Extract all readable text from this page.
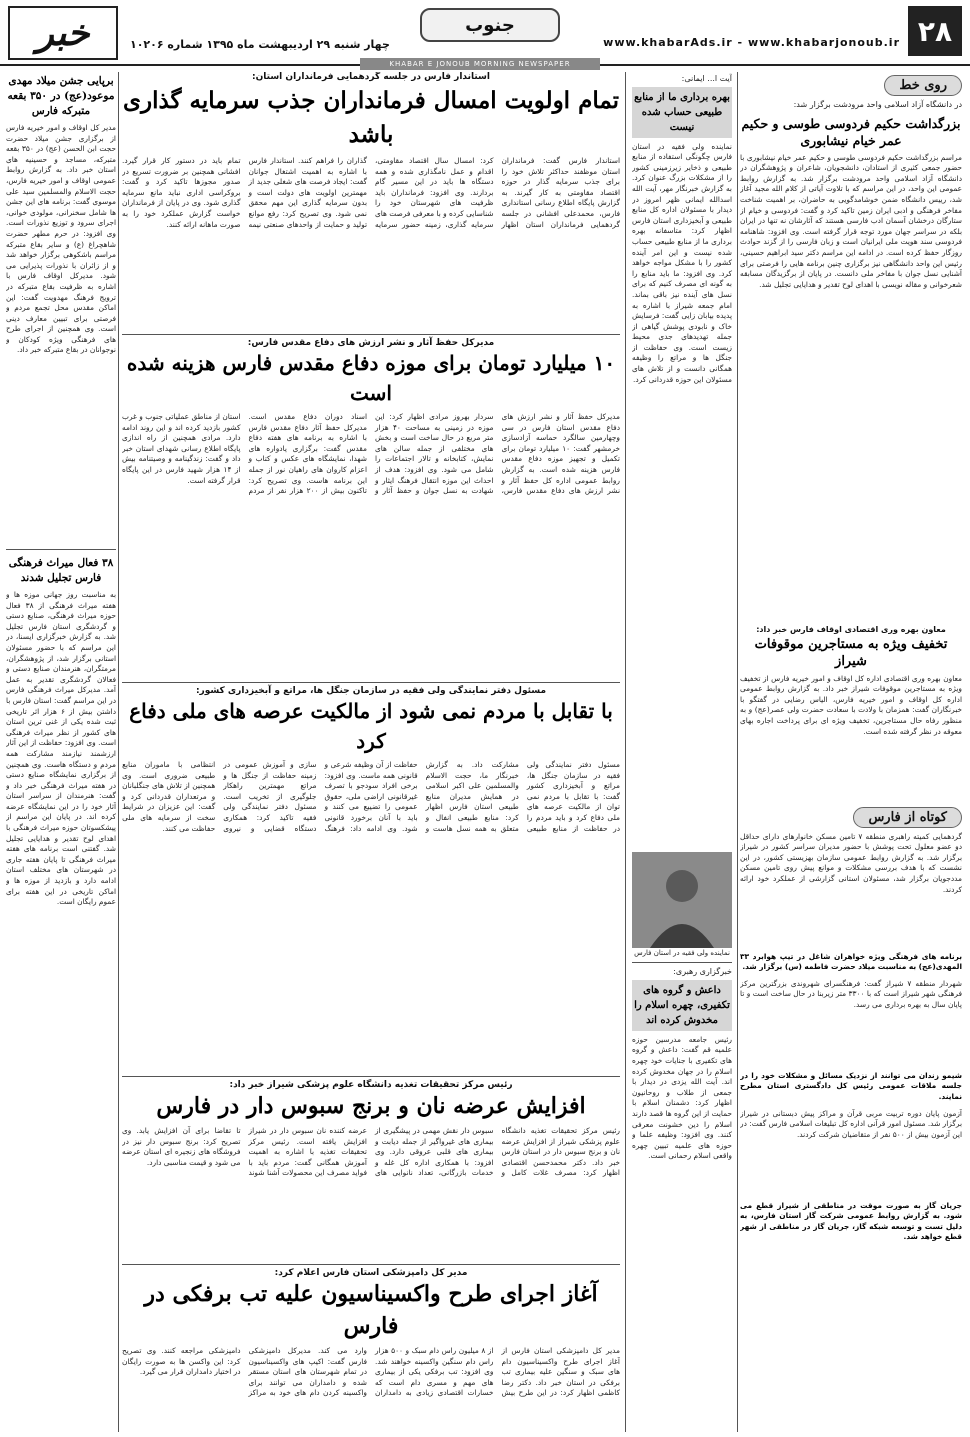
۲۸
www.khabarAds.ir - www.khabarjonoub.ir
جنوب
چهار شنبه ۲۹ اردیبهشت ماه ۱۳۹۵ شماره ۱۰۲۰۶
خبر
KHABAR E JONOUB MORNING NEWSPAPER
روی خط
در دانشگاه آزاد اسلامی واحد مرودشت برگزار شد:
بزرگداشت حکیم فردوسی طوسی و حکیم عمر خیام نیشابوری
مراسم بزرگداشت حکیم فردوسی طوسی و حکیم عمر خیام نیشابوری با حضور جمعی کثیری از استادان، دانشجویان، شاعران و پژوهشگران در دانشگاه آزاد اسلامی واحد مرودشت برگزار شد. به گزارش روابط عمومی این واحد، در این مراسم که با تلاوت آیاتی از کلام الله مجید آغاز شد، رییس دانشگاه ضمن خوشامدگویی به حاضران، بر اهمیت شناخت مفاخر فرهنگی و ادبی ایران زمین تاکید کرد و گفت: فردوسی و خیام از ستارگان درخشان آسمان ادب فارسی هستند که آثارشان نه تنها در ایران بلکه در سراسر جهان مورد توجه قرار گرفته است. وی افزود: شاهنامه فردوسی سند هویت ملی ایرانیان است و زبان فارسی را از گزند حوادث روزگار حفظ کرده است. در ادامه این مراسم دکتر سید ابراهیم حسینی، رئیس این واحد دانشگاهی نیز برگزاری چنین برنامه هایی را فرصتی برای آشنایی نسل جوان با مفاخر ملی دانست. در پایان از برگزیدگان مسابقه شعرخوانی و مقاله نویسی با اهدای لوح تقدیر و هدایایی تجلیل شد.
معاون بهره وری اقتصادی اوقاف فارس خبر داد:
تخفیف ویژه به مستاجرین موقوفات شیراز
معاون بهره وری اقتصادی اداره کل اوقاف و امور خیریه فارس از تخفیف ویژه به مستاجرین موقوفات شیراز خبر داد. به گزارش روابط عمومی اداره کل اوقاف و امور خیریه فارس، الیاس رضایی در گفتگو با خبرنگاران گفت: همزمان با ولادت با سعادت حضرت ولی عصر(عج) و به منظور رفاه حال مستاجرین، تخفیف ویژه ای برای پرداخت اجاره بهای معوقه در نظر گرفته شده است.
کوتاه از فارس
گردهمایی کمیته راهبری منطقه ۷ تامین مسکن خانوارهای دارای حداقل دو عضو معلول تحت پوشش با حضور مدیران سراسر کشور در شیراز برگزار شد. به گزارش روابط عمومی سازمان بهزیستی کشور، در این نشست که با هدف بررسی مشکلات و موانع پیش روی تامین مسکن مددجویان برگزار شد، مسئولان استانی گزارشی از عملکرد خود ارائه کردند.
برنامه های فرهنگی ویژه خواهران شاغل در تیپ هوابرد ۳۳ المهدی(عج) به مناسبت میلاد حضرت فاطمه (س) برگزار شد.
شهردار منطقه ۷ شیراز گفت: فرهنگسرای شهروندی بزرگترین مرکز فرهنگی شهر شیراز است که با ۳۳۰۰ متر زیربنا در حال ساخت است و تا پایان سال به بهره برداری می رسد.
شیمو زندان می توانند از نزدیک مسائل و مشکلات خود را در جلسه ملاقات عمومی رئیس کل دادگستری استان مطرح نمایند.
آزمون پایان دوره تربیت مربی قرآن و مراکز پیش دبستانی در شیراز برگزار شد. مسئول امور قرآنی اداره کل تبلیغات اسلامی فارس گفت: در این آزمون بیش از ۵۰۰ نفر از متقاضیان شرکت کردند.
جریان گاز به صورت موقت در مناطقی از شیراز قطع می شود. به گزارش روابط عمومی شرکت گاز استان فارس، به دلیل تست و توسعه شبکه گاز، جریان گاز در مناطقی از شهر قطع خواهد شد.
آیت ا... ایمانی:
بهره برداری ما از منابع طبیعی حساب شده نیست
نماینده ولی فقیه در استان فارس چگونگی استفاده از منابع طبیعی و ذخایر زیرزمینی کشور را از مشکلات بزرگ عنوان کرد. به گزارش خبرنگار مهر، آیت الله اسدالله ایمانی ظهر امروز در دیدار با مسئولان اداره کل منابع طبیعی و آبخیزداری استان فارس اظهار کرد: متاسفانه بهره برداری ما از منابع طبیعی حساب شده نیست و این امر آینده کشور را با مشکل مواجه خواهد کرد. وی افزود: ما باید منابع را به گونه ای مصرف کنیم که برای نسل های آینده نیز باقی بماند. امام جمعه شیراز با اشاره به پدیده بیابان زایی گفت: فرسایش خاک و نابودی پوشش گیاهی از جمله تهدیدهای جدی محیط زیست است. وی حفاظت از جنگل ها و مراتع را وظیفه همگانی دانست و از تلاش های مسئولان این حوزه قدردانی کرد.
نماینده ولی فقیه در استان فارس
خبرگزاری رهبری:
داعش و گروه های تکفیری، چهره اسلام را مخدوش کرده اند
رئیس جامعه مدرسین حوزه علمیه قم گفت: داعش و گروه های تکفیری با جنایات خود چهره اسلام را در جهان مخدوش کرده اند. آیت الله یزدی در دیدار با جمعی از طلاب و روحانیون اظهار کرد: دشمنان اسلام با حمایت از این گروه ها قصد دارند اسلام را دین خشونت معرفی کنند. وی افزود: وظیفه علما و حوزه های علمیه تبیین چهره واقعی اسلام رحمانی است.
استاندار فارس در جلسه گردهمایی فرمانداران استان:
تمام اولویت امسال فرمانداران جذب سرمایه گذاری باشد
استاندار فارس گفت: فرمانداران استان موظفند حداکثر تلاش خود را برای جذب سرمایه گذار در حوزه اقتصاد مقاومتی به کار گیرند. به گزارش پایگاه اطلاع رسانی استانداری فارس، محمدعلی افشانی در جلسه گردهمایی فرمانداران استان اظهار کرد: امسال سال اقتصاد مقاومتی، اقدام و عمل نامگذاری شده و همه دستگاه ها باید در این مسیر گام بردارند. وی افزود: فرمانداران باید ظرفیت های شهرستان خود را شناسایی کرده و با معرفی فرصت های سرمایه گذاری، زمینه حضور سرمایه گذاران را فراهم کنند. استاندار فارس با اشاره به اهمیت اشتغال جوانان گفت: ایجاد فرصت های شغلی جدید از مهمترین اولویت های دولت است و بدون سرمایه گذاری این مهم محقق نمی شود. وی تصریح کرد: رفع موانع تولید و حمایت از واحدهای صنعتی نیمه تمام باید در دستور کار قرار گیرد. افشانی همچنین بر ضرورت تسریع در صدور مجوزها تاکید کرد و گفت: بروکراسی اداری نباید مانع سرمایه گذاری شود. وی در پایان از فرمانداران خواست گزارش عملکرد خود را به صورت ماهانه ارائه کنند.
مدیرکل حفظ آثار و نشر ارزش های دفاع مقدس فارس:
۱۰ میلیارد تومان برای موزه دفاع مقدس فارس هزینه شده است
مدیرکل حفظ آثار و نشر ارزش های دفاع مقدس استان فارس در سی وچهارمین سالگرد حماسه آزادسازی خرمشهر گفت: ۱۰ میلیارد تومان برای تکمیل و تجهیز موزه دفاع مقدس فارس هزینه شده است. به گزارش روابط عمومی اداره کل حفظ آثار و نشر ارزش های دفاع مقدس فارس، سردار بهروز مرادی اظهار کرد: این موزه در زمینی به مساحت ۴۰ هزار متر مربع در حال ساخت است و بخش های مختلفی از جمله سالن های نمایش، کتابخانه و تالار اجتماعات را شامل می شود. وی افزود: هدف از احداث این موزه انتقال فرهنگ ایثار و شهادت به نسل جوان و حفظ آثار و اسناد دوران دفاع مقدس است. مدیرکل حفظ آثار دفاع مقدس فارس با اشاره به برنامه های هفته دفاع مقدس گفت: برگزاری یادواره های شهدا، نمایشگاه های عکس و کتاب و اعزام کاروان های راهیان نور از جمله این برنامه هاست. وی تصریح کرد: تاکنون بیش از ۲۰۰ هزار نفر از مردم استان از مناطق عملیاتی جنوب و غرب کشور بازدید کرده اند و این روند ادامه دارد. مرادی همچنین از راه اندازی پایگاه اطلاع رسانی شهدای استان خبر داد و گفت: زندگینامه و وصیتنامه بیش از ۱۴ هزار شهید فارس در این پایگاه قرار گرفته است.
مسئول دفتر نمایندگی ولی فقیه در سازمان جنگل ها، مراتع و آبخیزداری کشور:
با تقابل با مردم نمی شود از مالکیت عرصه های ملی دفاع کرد
مسئول دفتر نمایندگی ولی فقیه در سازمان جنگل ها، مراتع و آبخیزداری کشور گفت: با تقابل با مردم نمی توان از مالکیت عرصه های ملی دفاع کرد و باید مردم را در حفاظت از منابع طبیعی مشارکت داد. به گزارش خبرنگار ما، حجت الاسلام والمسلمین علی اکبر اسلامی در همایش مدیران منابع طبیعی استان فارس اظهار کرد: منابع طبیعی انفال و متعلق به همه نسل هاست و حفاظت از آن وظیفه شرعی و قانونی همه ماست. وی افزود: برخی افراد سودجو با تصرف غیرقانونی اراضی ملی، حقوق عمومی را تضییع می کنند و باید با آنان برخورد قانونی شود. وی ادامه داد: فرهنگ سازی و آموزش عمومی در زمینه حفاظت از جنگل ها و مراتع مهمترین راهکار جلوگیری از تخریب است. مسئول دفتر نمایندگی ولی فقیه تاکید کرد: همکاری دستگاه قضایی و نیروی انتظامی با ماموران منابع طبیعی ضروری است. وی همچنین از تلاش های جنگلبانان و مرتعداران قدردانی کرد و گفت: این عزیزان در شرایط سخت از سرمایه های ملی حفاظت می کنند.
رئیس مرکز تحقیقات تغذیه دانشگاه علوم پزشکی شیراز خبر داد:
افزایش عرضه نان و برنج سبوس دار در فارس
رئیس مرکز تحقیقات تغذیه دانشگاه علوم پزشکی شیراز از افزایش عرضه نان و برنج سبوس دار در استان فارس خبر داد. دکتر محمدحسن اقتصادی اظهار کرد: مصرف غلات کامل و سبوس دار نقش مهمی در پیشگیری از بیماری های غیرواگیر از جمله دیابت و بیماری های قلبی عروقی دارد. وی افزود: با همکاری اداره کل غله و خدمات بازرگانی، تعداد نانوایی های عرضه کننده نان سبوس دار در شیراز افزایش یافته است. رئیس مرکز تحقیقات تغذیه با اشاره به اهمیت آموزش همگانی گفت: مردم باید با فواید مصرف این محصولات آشنا شوند تا تقاضا برای آن افزایش یابد. وی تصریح کرد: برنج سبوس دار نیز در فروشگاه های زنجیره ای استان عرضه می شود و قیمت مناسبی دارد.
مدیر کل دامپزشکی استان فارس اعلام کرد:
آغاز اجرای طرح واکسیناسیون علیه تب برفکی در فارس
مدیر کل دامپزشکی استان فارس از آغاز اجرای طرح واکسیناسیون دام های سبک و سنگین علیه بیماری تب برفکی در استان خبر داد. دکتر رضا کاظمی اظهار کرد: در این طرح بیش از ۸ میلیون راس دام سبک و ۵۰۰ هزار راس دام سنگین واکسینه خواهند شد. وی افزود: تب برفکی یکی از بیماری های مهم و مسری دام است که خسارات اقتصادی زیادی به دامداران وارد می کند. مدیرکل دامپزشکی فارس گفت: اکیپ های واکسیناسیون در تمام شهرستان های استان مستقر شده و دامداران می توانند برای واکسینه کردن دام های خود به مراکز دامپزشکی مراجعه کنند. وی تصریح کرد: این واکسن ها به صورت رایگان در اختیار دامداران قرار می گیرد.
برپایی جشن میلاد مهدی موعود(عج) در ۳۵۰ بقعه متبرکه فارس
مدیر کل اوقاف و امور خیریه فارس از برگزاری جشن میلاد حضرت حجت ابن الحسن (عج) در ۳۵۰ بقعه متبرکه، مساجد و حسینیه های استان خبر داد. به گزارش روابط عمومی اوقاف و امور خیریه فارس، حجت الاسلام والمسلمین سید علی موسوی گفت: برنامه های این جشن ها شامل سخنرانی، مولودی خوانی، اجرای سرود و توزیع نذورات است. وی افزود: در حرم مطهر حضرت شاهچراغ (ع) و سایر بقاع متبرکه مراسم باشکوهی برگزار خواهد شد و از زائران با نذورات پذیرایی می شود. مدیرکل اوقاف فارس با اشاره به ظرفیت بقاع متبرکه در ترویج فرهنگ مهدویت گفت: این اماکن مقدس محل تجمع مردم و فرصتی برای تبیین معارف دینی است. وی همچنین از اجرای طرح های فرهنگی ویژه کودکان و نوجوانان در بقاع متبرکه خبر داد.
۳۸ فعال میراث فرهنگی فارس تجلیل شدند
به مناسبت روز جهانی موزه ها و هفته میراث فرهنگی از ۳۸ فعال حوزه میراث فرهنگی، صنایع دستی و گردشگری استان فارس تجلیل شد. به گزارش خبرگزاری ایسنا، در این مراسم که با حضور مسئولان استانی برگزار شد، از پژوهشگران، مرمتگران، هنرمندان صنایع دستی و فعالان گردشگری تقدیر به عمل آمد. مدیرکل میراث فرهنگی فارس در این مراسم گفت: استان فارس با داشتن بیش از ۶ هزار اثر تاریخی ثبت شده یکی از غنی ترین استان های کشور از نظر میراث فرهنگی است. وی افزود: حفاظت از این آثار ارزشمند نیازمند مشارکت همه مردم و دستگاه هاست. وی همچنین از برگزاری نمایشگاه صنایع دستی در هفته میراث فرهنگی خبر داد و گفت: هنرمندان از سراسر استان آثار خود را در این نمایشگاه عرضه کرده اند. در پایان این مراسم از پیشکسوتان حوزه میراث فرهنگی با اهدای لوح تقدیر و هدایایی تجلیل شد. گفتنی است برنامه های هفته میراث فرهنگی تا پایان هفته جاری در شهرستان های مختلف استان ادامه دارد و بازدید از موزه ها و اماکن تاریخی در این هفته برای عموم رایگان است.
